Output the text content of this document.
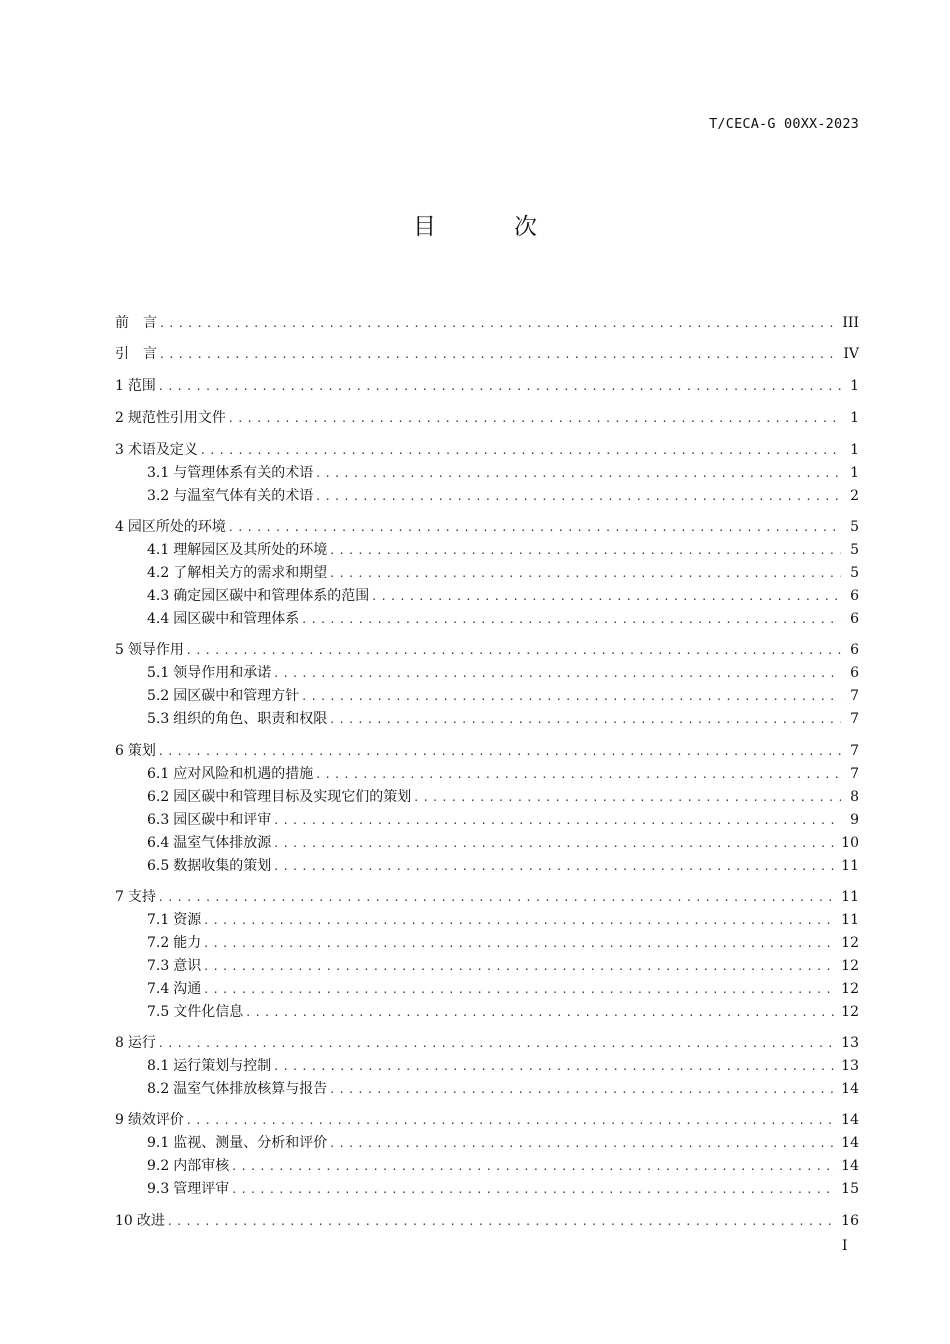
T/CECA-G 00XX-2023
目	次
前　言 . . .	III
引　言 . . .	IV
1 范围 . . .	1
2 规范性引用文件 . . .	1
3 术语及定义 . . .	1
3.1 与管理体系有关的术语 . . .	1
3.2 与温室气体有关的术语 . . .	2
4 园区所处的环境 . . .	5
4.1 理解园区及其所处的环境 . . .	5
4.2 了解相关方的需求和期望 . . .	5
4.3 确定园区碳中和管理体系的范围 . . .	6
4.4 园区碳中和管理体系 . . .	6
5 领导作用 . . .	6
5.1 领导作用和承诺 . . .	6
5.2 园区碳中和管理方针 . . .	7
5.3 组织的角色、职责和权限 . . .	7
6 策划 . . .	7
6.1 应对风险和机遇的措施 . . .	7
6.2 园区碳中和管理目标及实现它们的策划 . . .	8
6.3 园区碳中和评审 . . .	9
6.4 温室气体排放源 . . .	10
6.5 数据收集的策划 . . .	11
7 支持 . . .	11
7.1 资源 . . .	11
7.2 能力 . . .	12
7.3 意识 . . .	12
7.4 沟通 . . .	12
7.5 文件化信息 . . .	12
8 运行 . . .	13
8.1 运行策划与控制 . . .	13
8.2 温室气体排放核算与报告 . . .	14
9 绩效评价 . . .	14
9.1 监视、测量、分析和评价 . . .	14
9.2 内部审核 . . .	14
9.3 管理评审 . . .	15
10 改进 . . .	16
I
